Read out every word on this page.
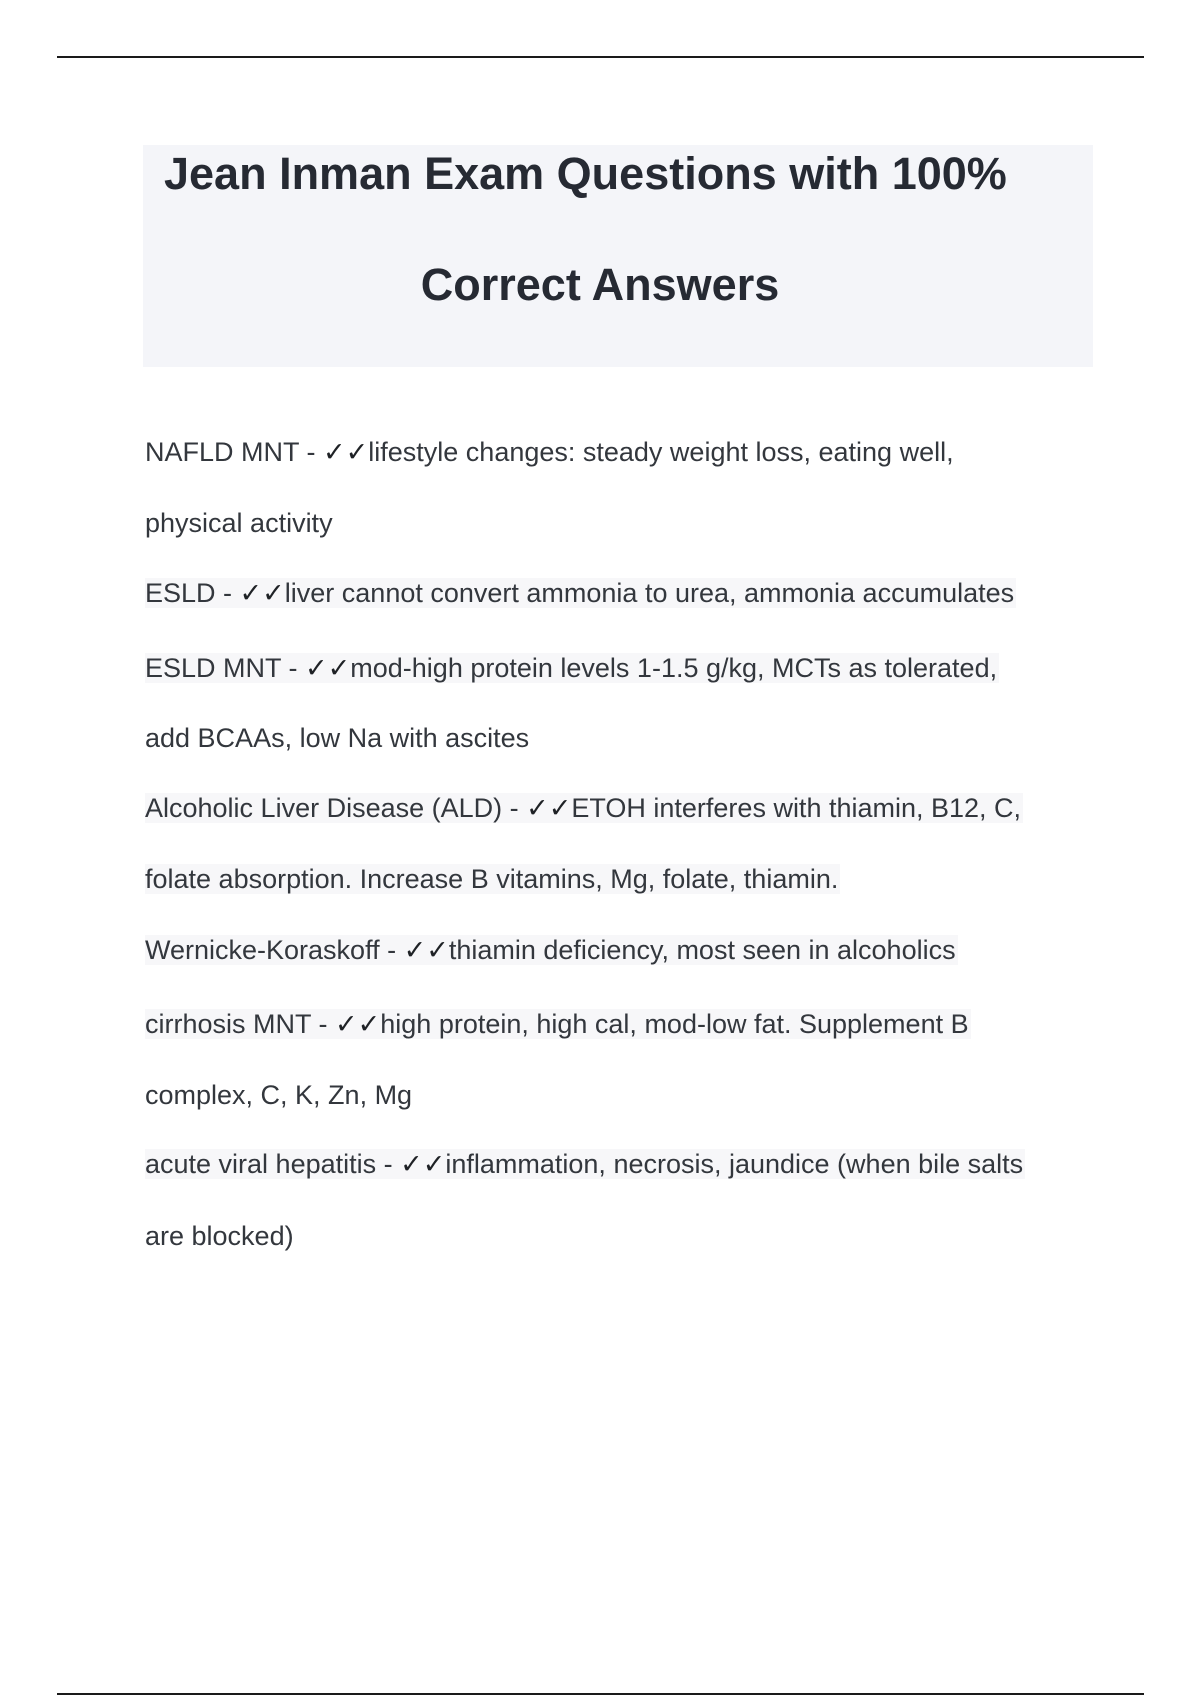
Jean Inman Exam Questions with 100%
Correct Answers
NAFLD MNT - ✓✓lifestyle changes: steady weight loss, eating well,
physical activity
ESLD - ✓✓liver cannot convert ammonia to urea, ammonia accumulates
ESLD MNT - ✓✓mod-high protein levels 1-1.5 g/kg, MCTs as tolerated,
add BCAAs, low Na with ascites
Alcoholic Liver Disease (ALD) - ✓✓ETOH interferes with thiamin, B12, C,
folate absorption. Increase B vitamins, Mg, folate, thiamin.
Wernicke-Koraskoff - ✓✓thiamin deficiency, most seen in alcoholics
cirrhosis MNT - ✓✓high protein, high cal, mod-low fat. Supplement B
complex, C, K, Zn, Mg
acute viral hepatitis - ✓✓inflammation, necrosis, jaundice (when bile salts
are blocked)
